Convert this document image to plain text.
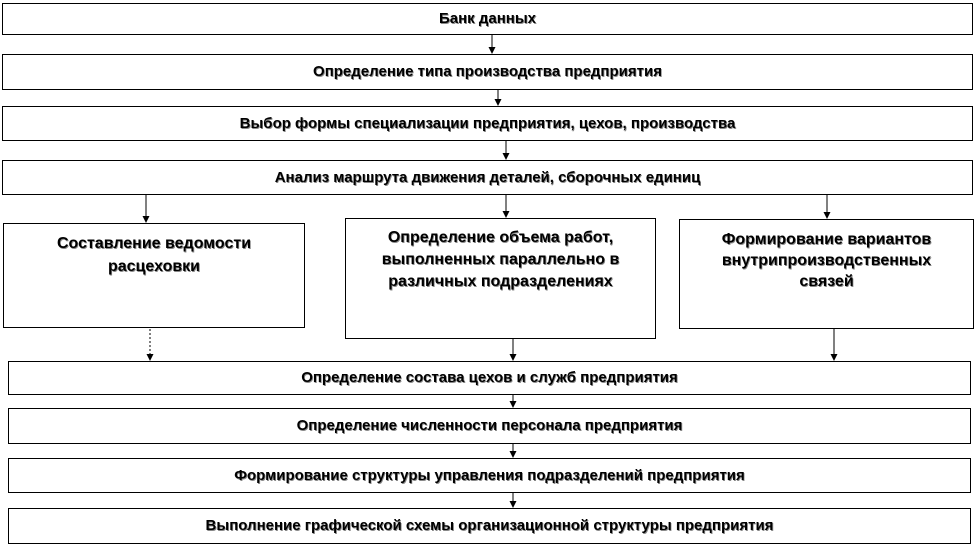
Банк данных
Определение типа производства предприятия
Выбор формы специализации предприятия, цехов, производства
Анализ маршрута движения деталей, сборочных единиц
Составление ведомости расцеховки
Определение объема работ, выполненных параллельно в различных подразделениях
Формирование вариантов внутрипроизводственных связей
Определение состава цехов и служб предприятия
Определение численности персонала предприятия
Формирование структуры управления подразделений предприятия
Выполнение графической схемы организационной структуры предприятия
